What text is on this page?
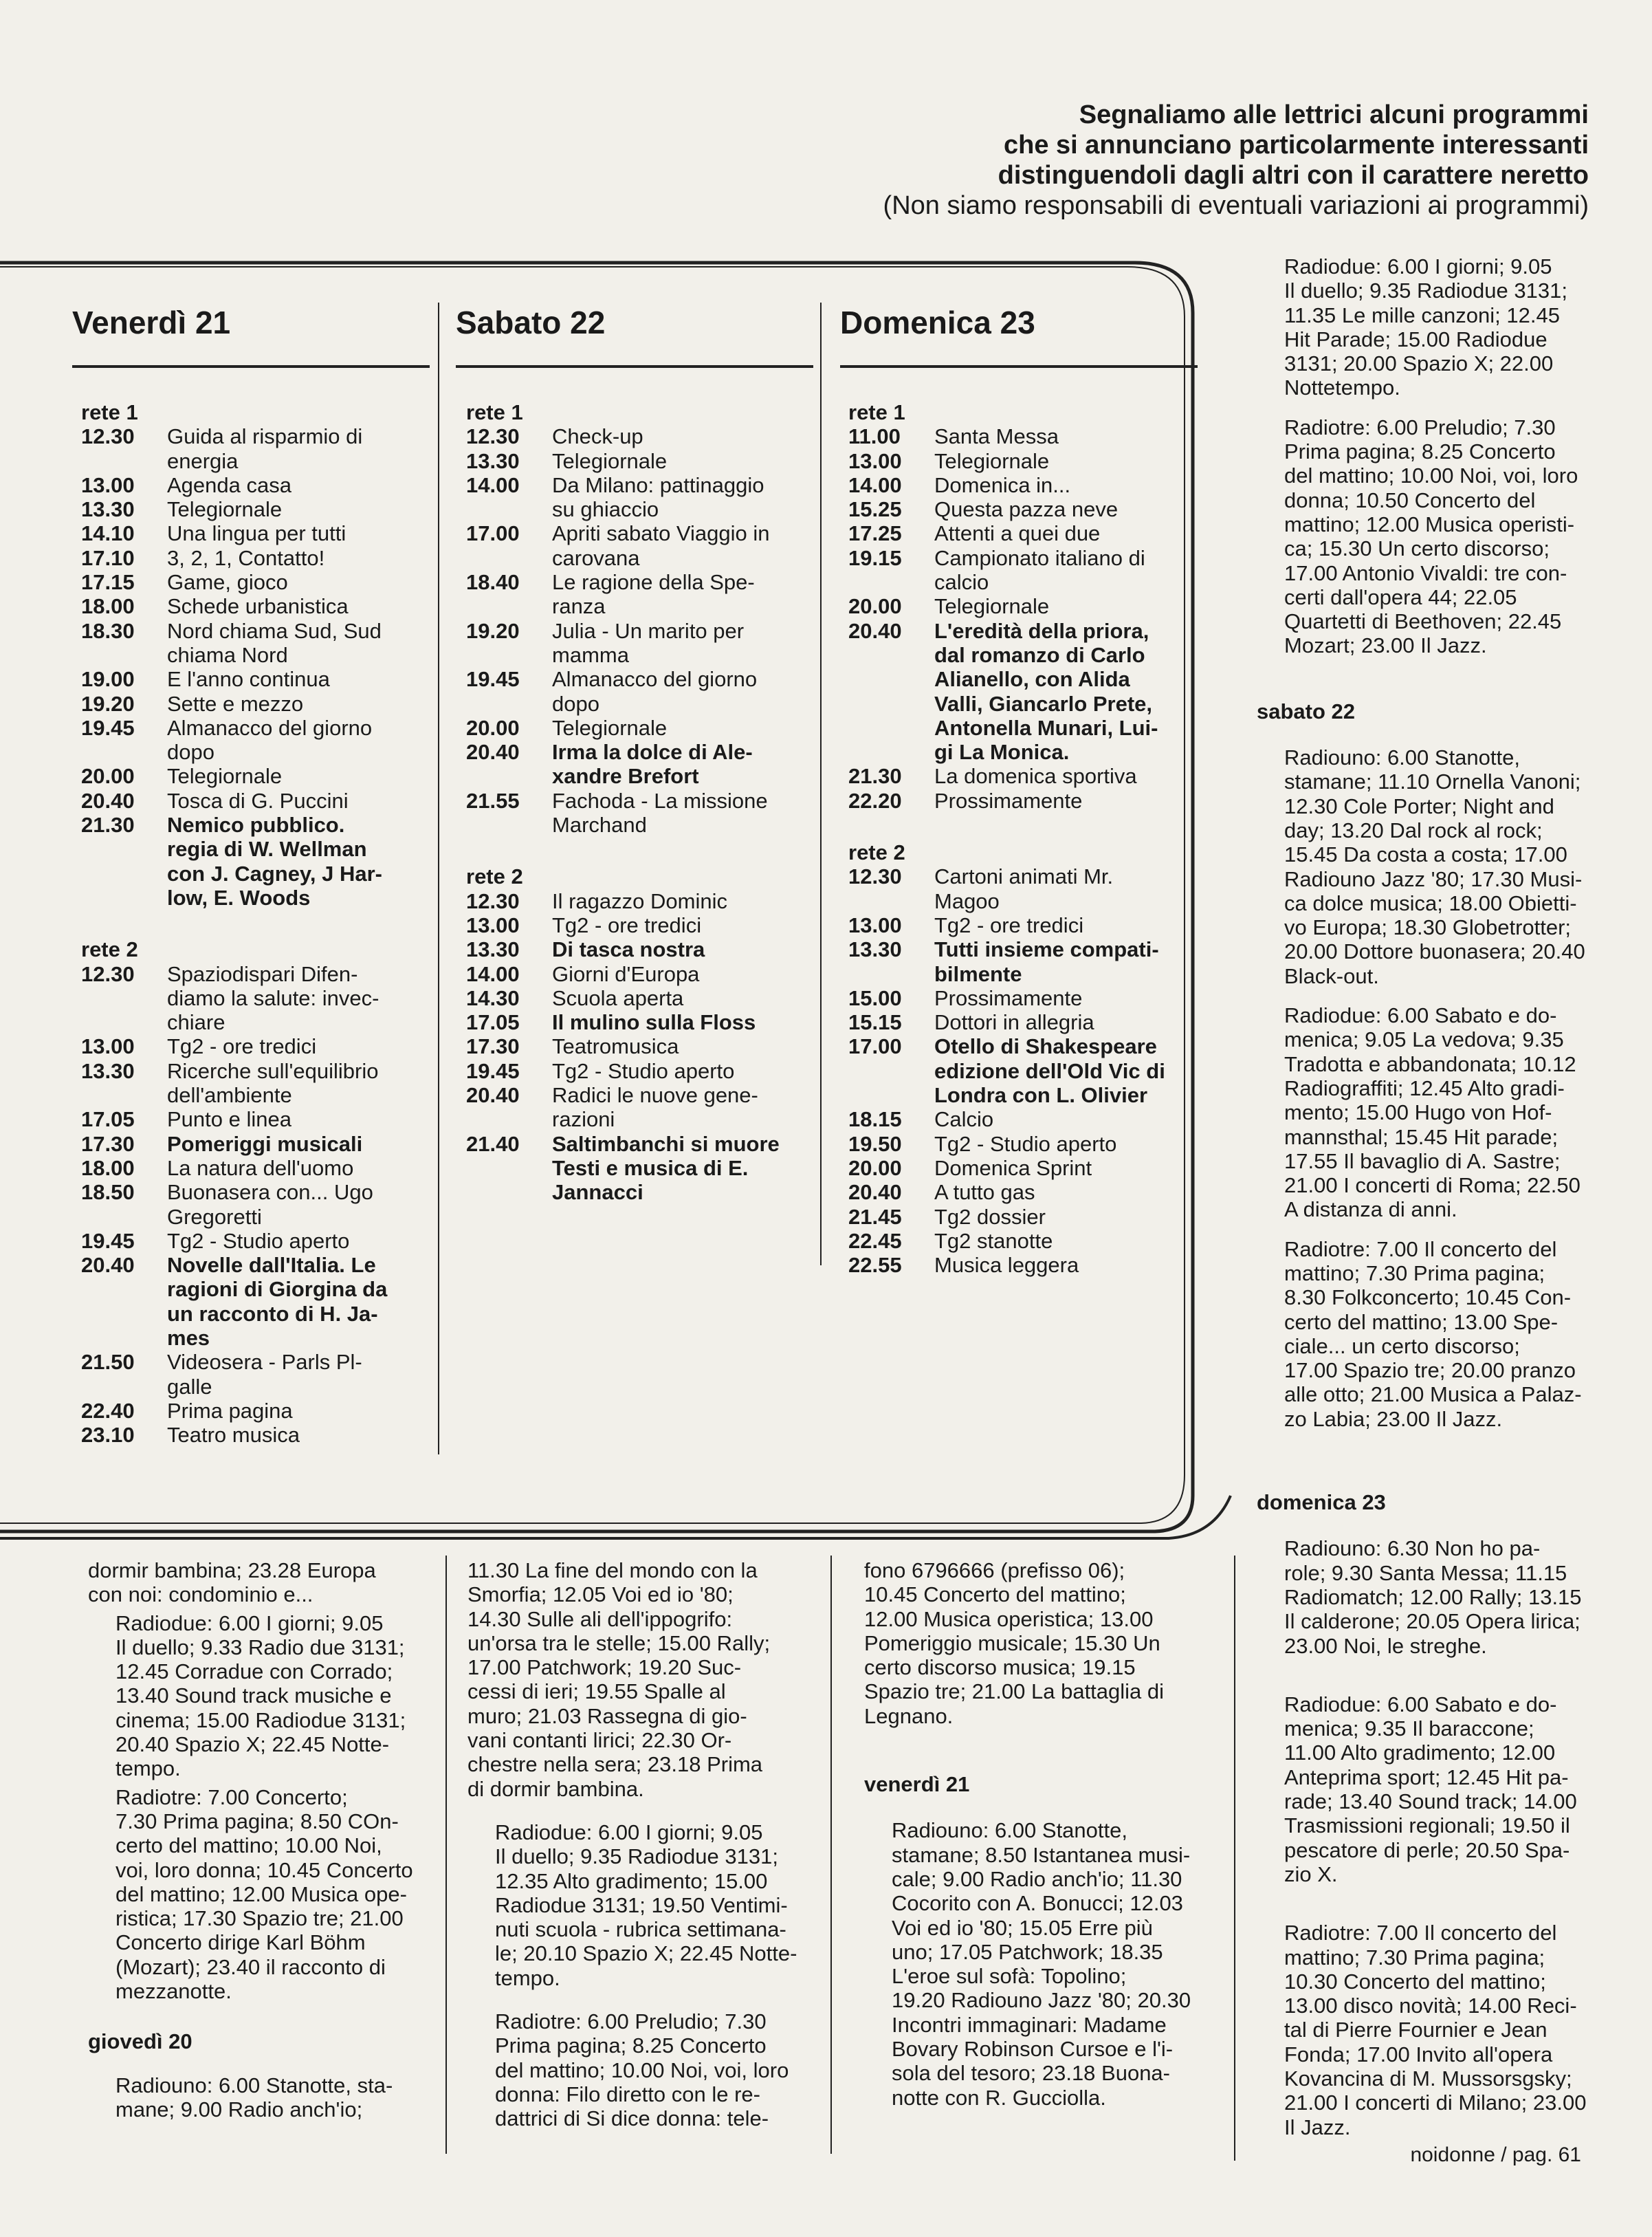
Segnaliamo alle lettrici alcuni programmi
che si annunciano particolarmente interessanti
distinguendoli dagli altri con il carattere neretto
(Non siamo responsabili di eventuali variazioni ai programmi)
Venerdì 21	Sabato 22	Domenica 23

rete 1

12.30	Guida al risparmio di
energia
13.00	Agenda casa
13.30	Telegiornale
14.10	Una lingua per tutti
17.10	3, 2, 1, Contatto!
17.15	Game, gioco
18.00	Schede urbanistica
18.30	Nord chiama Sud, Sud
chiama Nord
19.00	E l'anno continua
19.20	Sette e mezzo
19.45	Almanacco del giorno
dopo
20.00	Telegiornale
20.40	Tosca di G. Puccini
21.30	Nemico pubblico.
regia di W. Wellman
con J. Cagney, J Har-
low, E. Woods

rete 2

12.30	Spaziodispari Difen-
diamo la salute: invec-
chiare
13.00	Tg2 - ore tredici
13.30	Ricerche sull'equilibrio
dell'ambiente
17.05	Punto e linea
17.30	Pomeriggi musicali
18.00	La natura dell'uomo
18.50	Buonasera con... Ugo
Gregoretti
19.45	Tg2 - Studio aperto
20.40	Novelle dall'Italia. Le
ragioni di Giorgina da
un racconto di H. Ja-
mes
21.50	Videosera - Parls Pl-
galle
22.40	Prima pagina
23.10	Teatro musica

rete 1

12.30	Check-up
13.30	Telegiornale
14.00	Da Milano: pattinaggio
su ghiaccio
17.00	Apriti sabato Viaggio in
carovana
18.40	Le ragione della Spe-
ranza
19.20	Julia - Un marito per
mamma
19.45	Almanacco del giorno
dopo
20.00	Telegiornale
20.40	Irma la dolce di Ale-
xandre Brefort
21.55	Fachoda - La missione
Marchand

rete 2

12.30	Il ragazzo Dominic
13.00	Tg2 - ore tredici
13.30	Di tasca nostra
14.00	Giorni d'Europa
14.30	Scuola aperta
17.05	Il mulino sulla Floss
17.30	Teatromusica
19.45	Tg2 - Studio aperto
20.40	Radici le nuove gene-
razioni
21.40	Saltimbanchi si muore
Testi e musica di E.
Jannacci

rete 1

11.00	Santa Messa
13.00	Telegiornale
14.00	Domenica in...
15.25	Questa pazza neve
17.25	Attenti a quei due
19.15	Campionato italiano di
calcio
20.00	Telegiornale
20.40	L'eredità della priora,
dal romanzo di Carlo
Alianello, con Alida
Valli, Giancarlo Prete,
Antonella Munari, Lui-
gi La Monica.
21.30	La domenica sportiva
22.20	Prossimamente

rete 2

12.30	Cartoni animati Mr.
Magoo
13.00	Tg2 - ore tredici
13.30	Tutti insieme compati-
bilmente
15.00	Prossimamente
15.15	Dottori in allegria
17.00	Otello di Shakespeare
edizione dell'Old Vic di
Londra con L. Olivier
18.15	Calcio
19.50	Tg2 - Studio aperto
20.00	Domenica Sprint
20.40	A tutto gas
21.45	Tg2 dossier
22.45	Tg2 stanotte
22.55	Musica leggera

Radiodue: 6.00 I giorni; 9.05
Il duello; 9.35 Radiodue 3131;
11.35 Le mille canzoni; 12.45
Hit Parade; 15.00 Radiodue
3131; 20.00 Spazio X; 22.00
Nottetempo.

Radiotre: 6.00 Preludio; 7.30
Prima pagina; 8.25 Concerto
del mattino; 10.00 Noi, voi, loro
donna; 10.50 Concerto del
mattino; 12.00 Musica operisti-
ca; 15.30 Un certo discorso;
17.00 Antonio Vivaldi: tre con-
certi dall'opera 44; 22.05
Quartetti di Beethoven; 22.45
Mozart; 23.00 Il Jazz.

sabato 22

Radiouno: 6.00 Stanotte,
stamane; 11.10 Ornella Vanoni;
12.30 Cole Porter; Night and
day; 13.20 Dal rock al rock;
15.45 Da costa a costa; 17.00
Radiouno Jazz '80; 17.30 Musi-
ca dolce musica; 18.00 Obietti-
vo Europa; 18.30 Globetrotter;
20.00 Dottore buonasera; 20.40
Black-out.

Radiodue: 6.00 Sabato e do-
menica; 9.05 La vedova; 9.35
Tradotta e abbandonata; 10.12
Radiograffiti; 12.45 Alto gradi-
mento; 15.00 Hugo von Hof-
mannsthal; 15.45 Hit parade;
17.55 Il bavaglio di A. Sastre;
21.00 I concerti di Roma; 22.50
A distanza di anni.

Radiotre: 7.00 Il concerto del
mattino; 7.30 Prima pagina;
8.30 Folkconcerto; 10.45 Con-
certo del mattino; 13.00 Spe-
ciale... un certo discorso;
17.00 Spazio tre; 20.00 pranzo
alle otto; 21.00 Musica a Palaz-
zo Labia; 23.00 Il Jazz.

domenica 23

Radiouno: 6.30 Non ho pa-
role; 9.30 Santa Messa; 11.15
Radiomatch; 12.00 Rally; 13.15
Il calderone; 20.05 Opera lirica;
23.00 Noi, le streghe.

Radiodue: 6.00 Sabato e do-
menica; 9.35 Il baraccone;
11.00 Alto gradimento; 12.00
Anteprima sport; 12.45 Hit pa-
rade; 13.40 Sound track; 14.00
Trasmissioni regionali; 19.50 il
pescatore di perle; 20.50 Spa-
zio X.

Radiotre: 7.00 Il concerto del
mattino; 7.30 Prima pagina;
10.30 Concerto del mattino;
13.00 disco novità; 14.00 Reci-
tal di Pierre Fournier e Jean
Fonda; 17.00 Invito all'opera
Kovancina di M. Mussorsgsky;
21.00 I concerti di Milano; 23.00
Il Jazz.

dormir bambina; 23.28 Europa
con noi: condominio e...

Radiodue: 6.00 I giorni; 9.05
Il duello; 9.33 Radio due 3131;
12.45 Corradue con Corrado;
13.40 Sound track musiche e
cinema; 15.00 Radiodue 3131;
20.40 Spazio X; 22.45 Notte-
tempo.

Radiotre: 7.00 Concerto;
7.30 Prima pagina; 8.50 COn-
certo del mattino; 10.00 Noi,
voi, loro donna; 10.45 Concerto
del mattino; 12.00 Musica ope-
ristica; 17.30 Spazio tre; 21.00
Concerto dirige Karl Böhm
(Mozart); 23.40 il racconto di
mezzanotte.

giovedì 20

Radiouno: 6.00 Stanotte, sta-
mane; 9.00 Radio anch'io;

11.30 La fine del mondo con la
Smorfia; 12.05 Voi ed io '80;
14.30 Sulle ali dell'ippogrifo:
un'orsa tra le stelle; 15.00 Rally;
17.00 Patchwork; 19.20 Suc-
cessi di ieri; 19.55 Spalle al
muro; 21.03 Rassegna di gio-
vani contanti lirici; 22.30 Or-
chestre nella sera; 23.18 Prima
di dormir bambina.

Radiodue: 6.00 I giorni; 9.05
Il duello; 9.35 Radiodue 3131;
12.35 Alto gradimento; 15.00
Radiodue 3131; 19.50 Ventimi-
nuti scuola - rubrica settimana-
le; 20.10 Spazio X; 22.45 Notte-
tempo.

Radiotre: 6.00 Preludio; 7.30
Prima pagina; 8.25 Concerto
del mattino; 10.00 Noi, voi, loro
donna: Filo diretto con le re-
dattrici di Si dice donna: tele-

fono 6796666 (prefisso 06);
10.45 Concerto del mattino;
12.00 Musica operistica; 13.00
Pomeriggio musicale; 15.30 Un
certo discorso musica; 19.15
Spazio tre; 21.00 La battaglia di
Legnano.

venerdì 21

Radiouno: 6.00 Stanotte,
stamane; 8.50 Istantanea musi-
cale; 9.00 Radio anch'io; 11.30
Cocorito con A. Bonucci; 12.03
Voi ed io '80; 15.05 Erre più
uno; 17.05 Patchwork; 18.35
L'eroe sul sofà: Topolino;
19.20 Radiouno Jazz '80; 20.30
Incontri immaginari: Madame
Bovary Robinson Cursoe e l'i-
sola del tesoro; 23.18 Buona-
notte con R. Gucciolla.

noidonne / pag. 61
